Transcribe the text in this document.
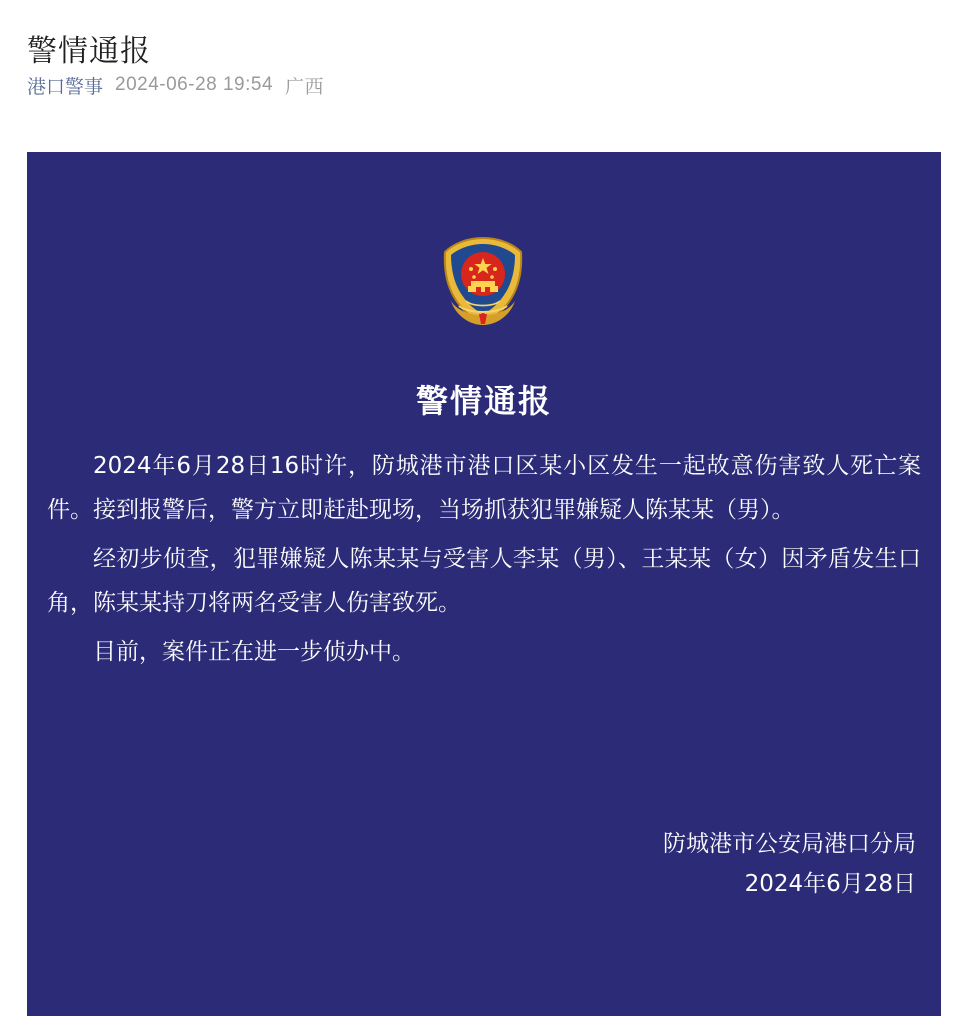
警情通报
港口警事 2024-06-28 19:54 广西
警情通报

2024年6月28日16时许，防城港市港口区某小区发生一起故意伤害致人死亡案件。接到报警后，警方立即赶赴现场，当场抓获犯罪嫌疑人陈某某（男）。

经初步侦查，犯罪嫌疑人陈某某与受害人李某（男）、王某某（女）因矛盾发生口角，陈某某持刀将两名受害人伤害致死。

目前，案件正在进一步侦办中。

防城港市公安局港口分局
2024年6月28日
